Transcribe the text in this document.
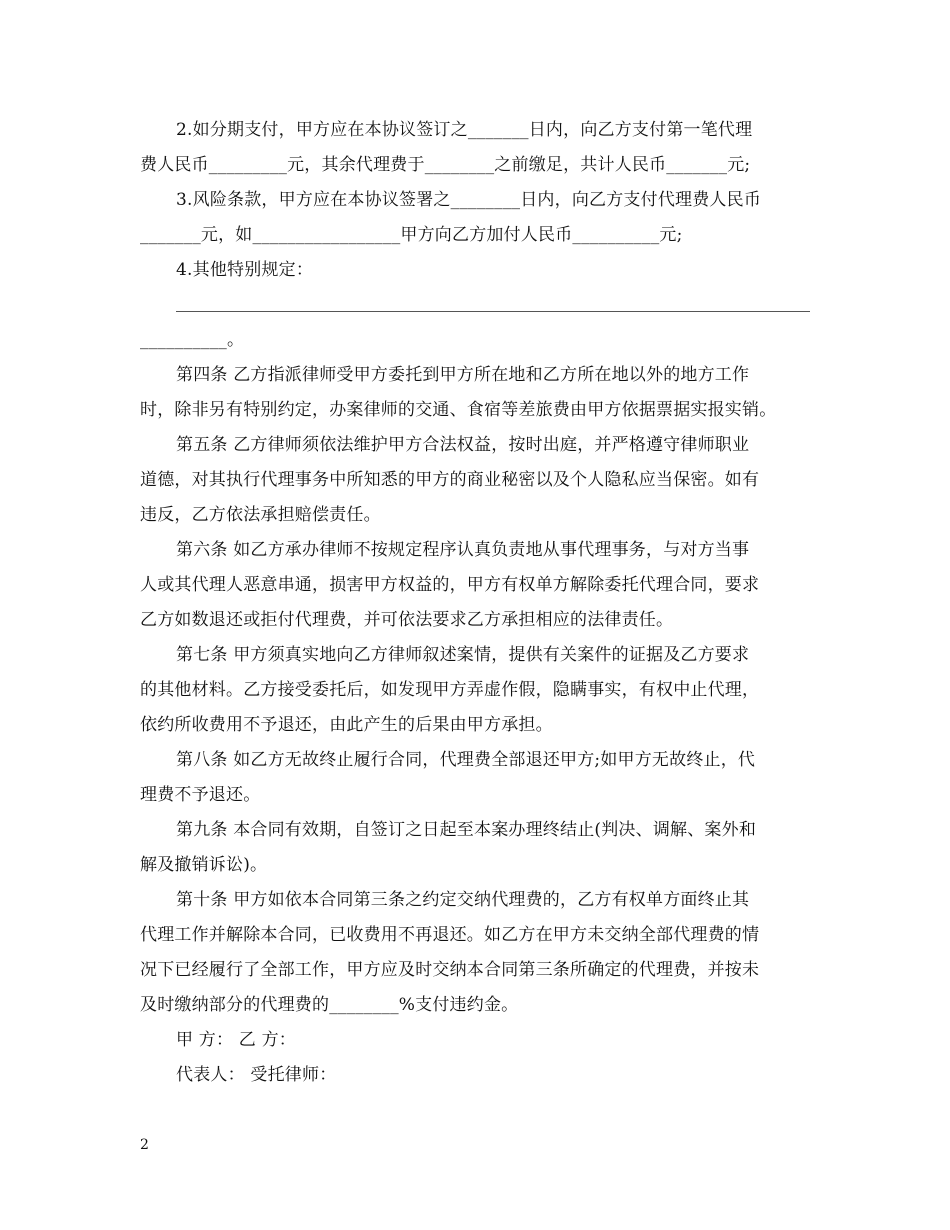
2.如分期支付，甲方应在本协议签订之_______日内，向乙方支付第一笔代理
费人民币_________元，其余代理费于________之前缴足，共计人民币_______元;
3.风险条款，甲方应在本协议签署之________日内，向乙方支付代理费人民币
_______元，如_________________甲方向乙方加付人民币__________元;
4.其他特别规定：
__________。
第四条 乙方指派律师受甲方委托到甲方所在地和乙方所在地以外的地方工作
时，除非另有特别约定，办案律师的交通、食宿等差旅费由甲方依据票据实报实销。
第五条 乙方律师须依法维护甲方合法权益，按时出庭，并严格遵守律师职业
道德，对其执行代理事务中所知悉的甲方的商业秘密以及个人隐私应当保密。如有
违反，乙方依法承担赔偿责任。
第六条 如乙方承办律师不按规定程序认真负责地从事代理事务，与对方当事
人或其代理人恶意串通，损害甲方权益的，甲方有权单方解除委托代理合同，要求
乙方如数退还或拒付代理费，并可依法要求乙方承担相应的法律责任。
第七条 甲方须真实地向乙方律师叙述案情，提供有关案件的证据及乙方要求
的其他材料。乙方接受委托后，如发现甲方弄虚作假，隐瞒事实，有权中止代理，
依约所收费用不予退还，由此产生的后果由甲方承担。
第八条 如乙方无故终止履行合同，代理费全部退还甲方;如甲方无故终止，代
理费不予退还。
第九条 本合同有效期，自签订之日起至本案办理终结止(判决、调解、案外和
解及撤销诉讼)。
第十条 甲方如依本合同第三条之约定交纳代理费的，乙方有权单方面终止其
代理工作并解除本合同，已收费用不再退还。如乙方在甲方未交纳全部代理费的情
况下已经履行了全部工作，甲方应及时交纳本合同第三条所确定的代理费，并按未
及时缴纳部分的代理费的________%支付违约金。
甲 方： 乙 方：
代表人： 受托律师：
2
